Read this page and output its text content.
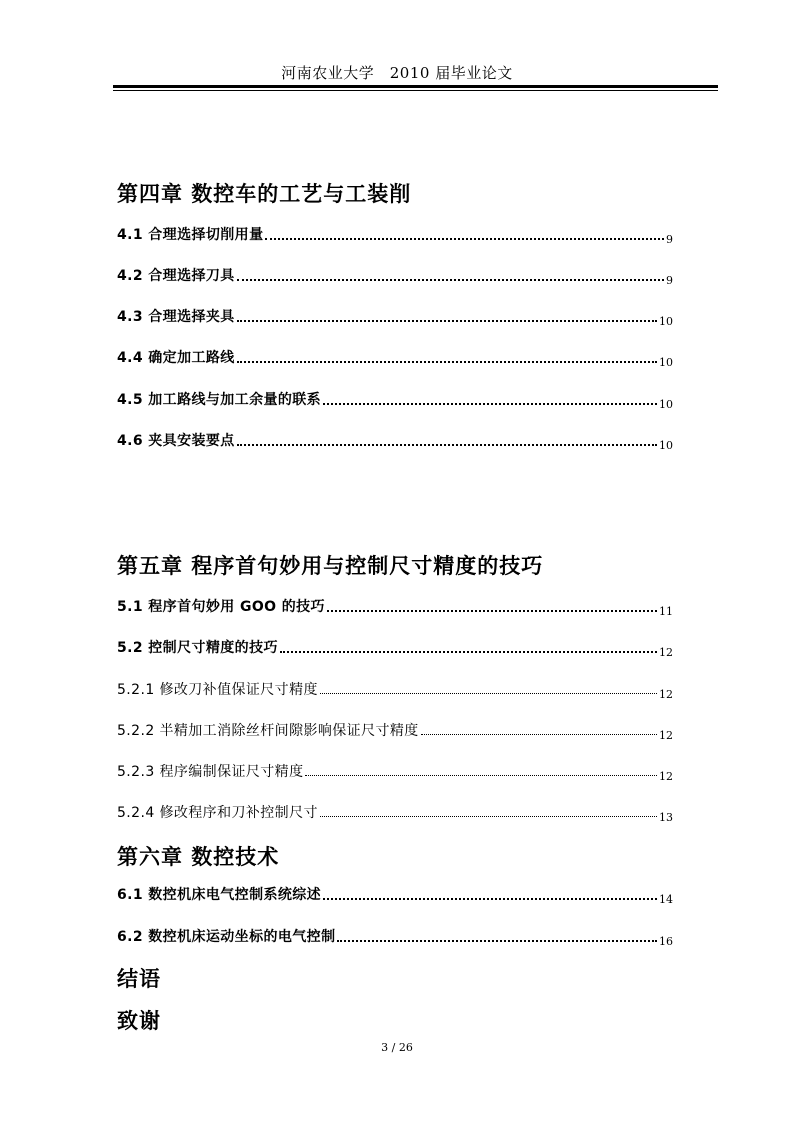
河南农业大学　2010 届毕业论文
第四章 数控车的工艺与工装削
4.1 合理选择切削用量	9
4.2 合理选择刀具	9
4.3 合理选择夹具	10
4.4 确定加工路线	10
4.5 加工路线与加工余量的联系	10
4.6 夹具安装要点	10
第五章 程序首句妙用与控制尺寸精度的技巧
5.1 程序首句妙用 GOO 的技巧	11
5.2 控制尺寸精度的技巧	12
5.2.1 修改刀补值保证尺寸精度	12
5.2.2 半精加工消除丝杆间隙影响保证尺寸精度	12
5.2.3 程序编制保证尺寸精度	12
5.2.4 修改程序和刀补控制尺寸	13
第六章 数控技术
6.1 数控机床电气控制系统综述	14
6.2 数控机床运动坐标的电气控制	16
结语
致谢
3 / 26
